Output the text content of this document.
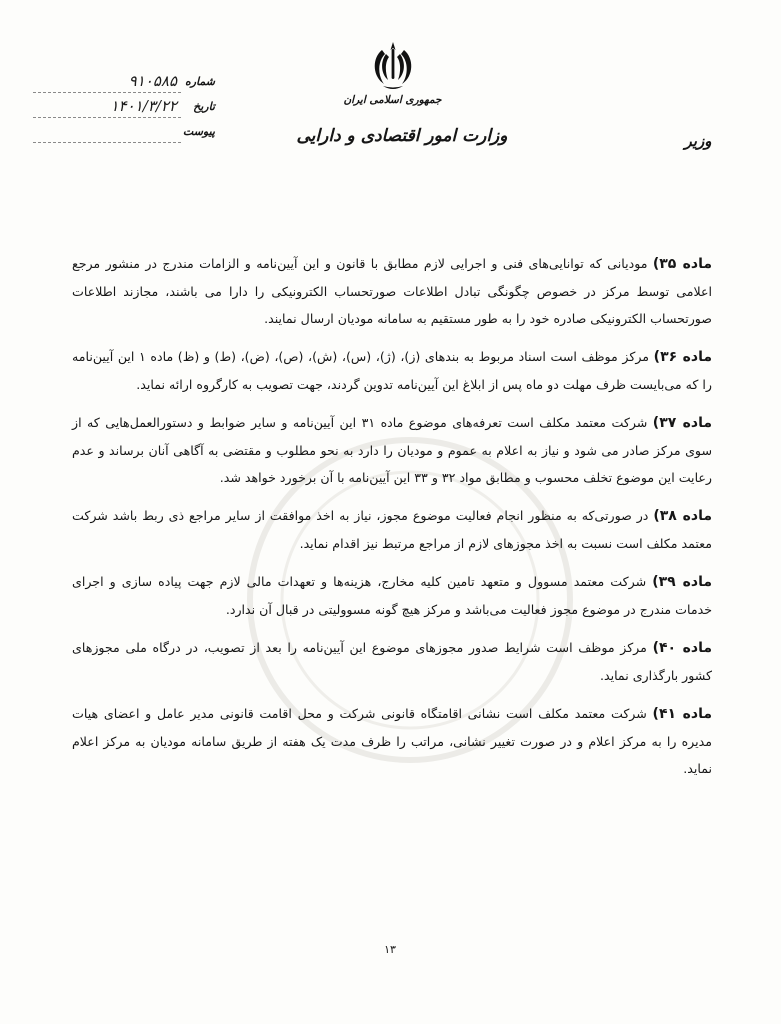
جمهوری اسلامی ایران
وزارت امور اقتصادی و دارایی	وزیر
شماره
۹۱۰۵۸۵
تاریخ
۱۴۰۱/۳/۲۲
پیوست

ماده ۳۵) مودیانی که توانایی‌های فنی و اجرایی لازم مطابق با قانون و این آیین‌نامه و الزامات مندرج در منشور مرجع اعلامی توسط مرکز در خصوص چگونگی تبادل اطلاعات صورتحساب الکترونیکی را دارا می باشند، مجازند اطلاعات صورتحساب الکترونیکی صادره خود را به طور مستقیم به سامانه مودیان ارسال نمایند.

ماده ۳۶) مرکز موظف است اسناد مربوط به بندهای (ز)، (ژ)، (س)، (ش)، (ص)، (ض)، (ط) و (ظ) ماده ۱ این آیین‌نامه را که می‌بایست ظرف مهلت دو ماه پس از ابلاغ این آیین‌نامه تدوین گردند، جهت تصویب به کارگروه ارائه نماید.

ماده ۳۷) شرکت معتمد مکلف است تعرفه‌های موضوع ماده ۳۱ این آیین‌نامه و سایر ضوابط و دستورالعمل‌هایی که از سوی مرکز صادر می شود و نیاز به اعلام به عموم و مودیان را دارد به نحو مطلوب و مقتضی به آگاهی آنان برساند و عدم رعایت این موضوع تخلف محسوب و مطابق مواد ۳۲ و ۳۳ این آیین‌نامه با آن برخورد خواهد شد.

ماده ۳۸) در صورتی‌که به منظور انجام فعالیت موضوع مجوز، نیاز به اخذ موافقت از سایر مراجع ذی ربط باشد شرکت معتمد مکلف است نسبت به اخذ مجوزهای لازم از مراجع مرتبط نیز اقدام نماید.

ماده ۳۹) شرکت معتمد مسوول و متعهد تامین کلیه مخارج، هزینه‌ها و تعهدات مالی لازم جهت پیاده سازی و اجرای خدمات مندرج در موضوع مجوز فعالیت می‌باشد و مرکز هیچ گونه مسوولیتی در قبال آن ندارد.

ماده ۴۰) مرکز موظف است شرایط صدور مجوزهای موضوع این آیین‌نامه را بعد از تصویب، در درگاه ملی مجوزهای کشور بارگذاری نماید.

ماده ۴۱) شرکت معتمد مکلف است نشانی اقامتگاه قانونی شرکت و محل اقامت قانونی مدیر عامل و اعضای هیات مدیره را به مرکز اعلام و در صورت تغییر نشانی، مراتب را ظرف مدت یک هفته از طریق سامانه مودیان به مرکز اعلام نماید.

۱۳
